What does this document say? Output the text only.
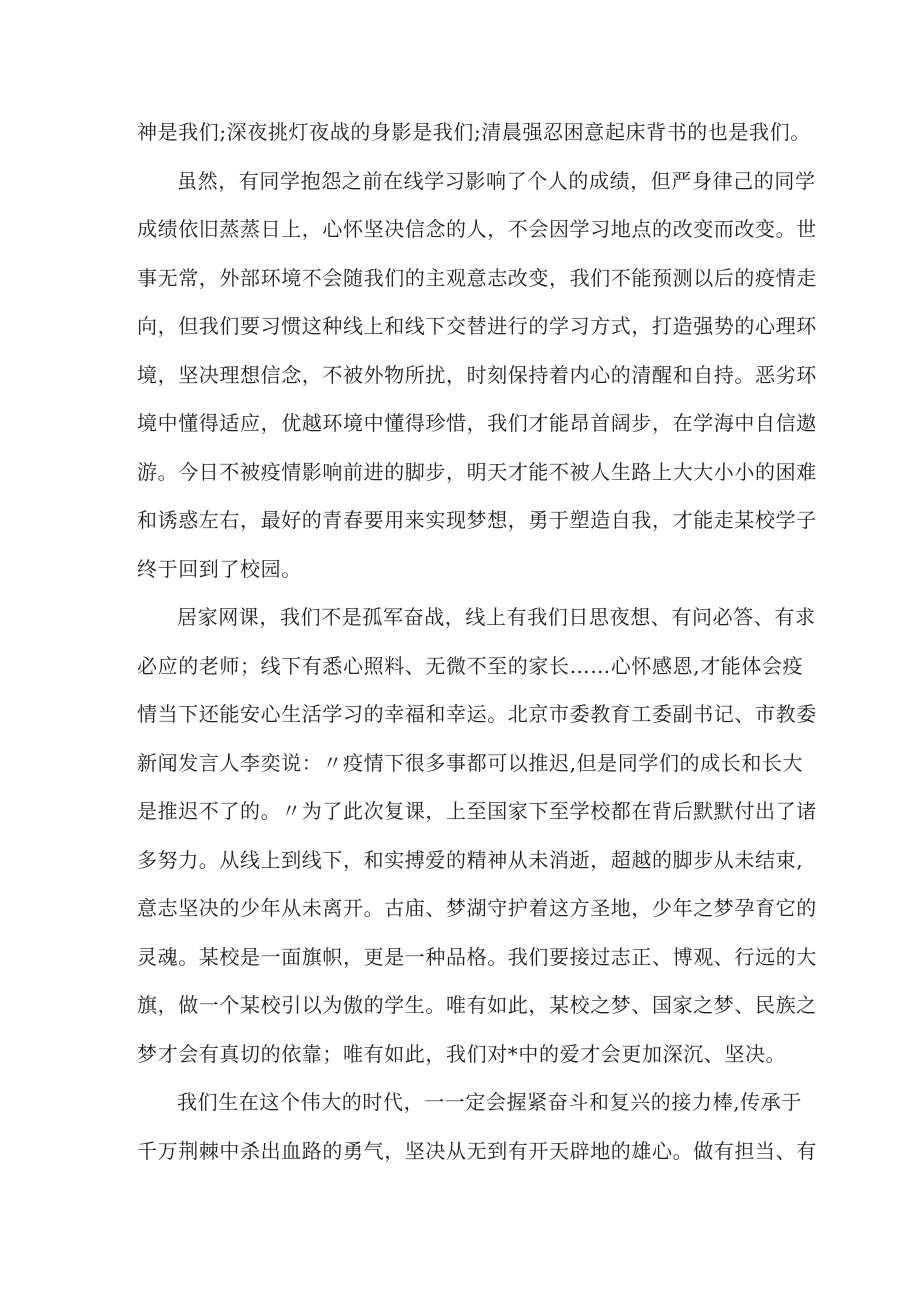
神是我们;深夜挑灯夜战的身影是我们;清晨强忍困意起床背书的也是我们。
虽然，有同学抱怨之前在线学习影响了个人的成绩，但严身律己的同学
成绩依旧蒸蒸日上，心怀坚决信念的人，不会因学习地点的改变而改变。世
事无常，外部环境不会随我们的主观意志改变，我们不能预测以后的疫情走
向，但我们要习惯这种线上和线下交替进行的学习方式，打造强势的心理环
境，坚决理想信念，不被外物所扰，时刻保持着内心的清醒和自持。恶劣环
境中懂得适应，优越环境中懂得珍惜，我们才能昂首阔步，在学海中自信遨
游。今日不被疫情影响前进的脚步，明天才能不被人生路上大大小小的困难
和诱惑左右，最好的青春要用来实现梦想，勇于塑造自我，才能走某校学子
终于回到了校园。
居家网课，我们不是孤军奋战，线上有我们日思夜想、有问必答、有求
必应的老师；线下有悉心照料、无微不至的家长……心怀感恩,才能体会疫
情当下还能安心生活学习的幸福和幸运。北京市委教育工委副书记、市教委
新闻发言人李奕说：〃疫情下很多事都可以推迟,但是同学们的成长和长大
是推迟不了的。〃为了此次复课，上至国家下至学校都在背后默默付出了诸
多努力。从线上到线下，和实搏爱的精神从未消逝，超越的脚步从未结束,
意志坚决的少年从未离开。古庙、梦湖守护着这方圣地，少年之梦孕育它的
灵魂。某校是一面旗帜，更是一种品格。我们要接过志正、博观、行远的大
旗，做一个某校引以为傲的学生。唯有如此，某校之梦、国家之梦、民族之
梦才会有真切的依靠；唯有如此，我们对*中的爱才会更加深沉、坚决。
我们生在这个伟大的时代，一一定会握紧奋斗和复兴的接力棒,传承于
千万荆棘中杀出血路的勇气，坚决从无到有开天辟地的雄心。做有担当、有
